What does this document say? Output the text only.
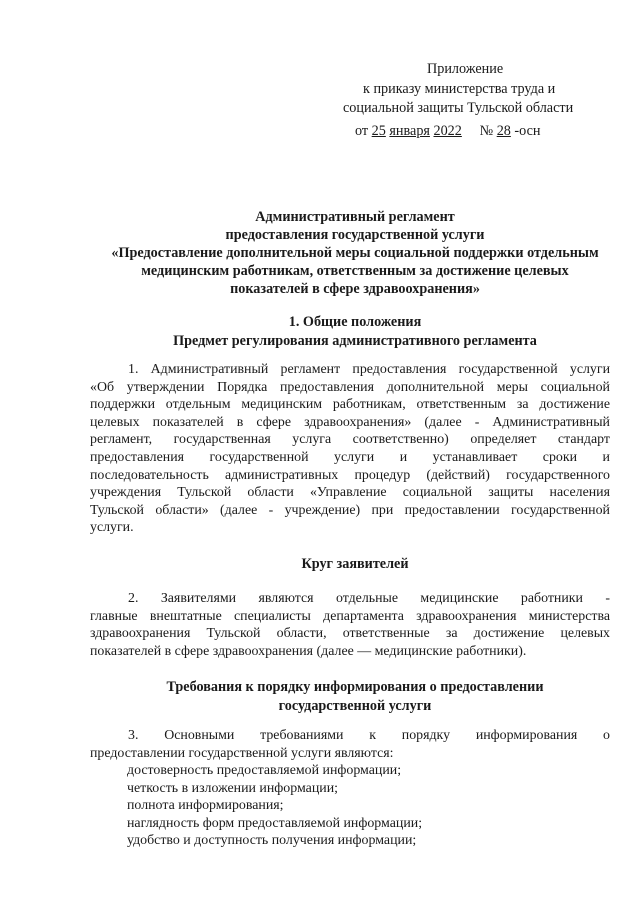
Приложение
к приказу министерства труда и
социальной защиты Тульской области
от 25 января 2022 № 28 -осн
Административный регламент
предоставления государственной услуги
«Предоставление дополнительной меры социальной поддержки отдельным
медицинским работникам, ответственным за достижение целевых
показателей в сфере здравоохранения»
1. Общие положения
Предмет регулирования административного регламента
1. Административный регламент предоставления государственной услуги
«Об утверждении Порядка предоставления дополнительной меры социальной
поддержки отдельным медицинским работникам, ответственным за достижение
целевых показателей в сфере здравоохранения» (далее - Административный
регламент, государственная услуга соответственно) определяет стандарт
предоставления государственной услуги и устанавливает сроки и
последовательность административных процедур (действий) государственного
учреждения Тульской области «Управление социальной защиты населения
Тульской области» (далее - учреждение) при предоставлении государственной
услуги.
Круг заявителей
2. Заявителями являются отдельные медицинские работники -
главные внештатные специалисты департамента здравоохранения министерства
здравоохранения Тульской области, ответственные за достижение целевых
показателей в сфере здравоохранения (далее — медицинские работники).
Требования к порядку информирования о предоставлении
государственной услуги
3. Основными требованиями к порядку информирования о
предоставлении государственной услуги являются:
достоверность предоставляемой информации;
четкость в изложении информации;
полнота информирования;
наглядность форм предоставляемой информации;
удобство и доступность получения информации;
